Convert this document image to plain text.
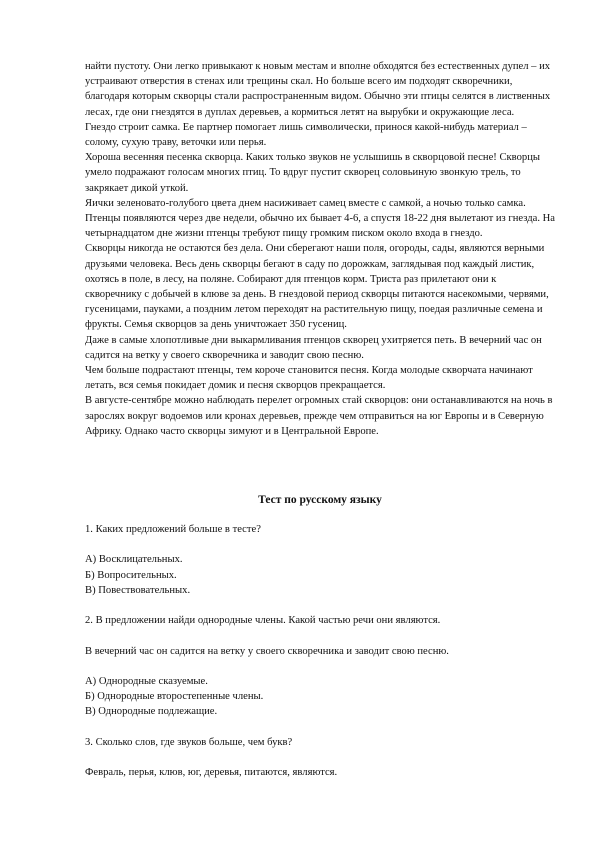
найти пустоту. Они легко привыкают к новым местам и вполне обходятся без естественных дупел – их устраивают отверстия в стенах или трещины скал. Но больше всего им подходят скворечники, благодаря которым скворцы стали распространенным видом. Обычно эти птицы селятся в лиственных лесах, где они гнездятся в дуплах деревьев, а кормиться летят на вырубки и окружающие леса.

Гнездо строит самка. Ее партнер помогает лишь символически, принося какой-нибудь материал – солому, сухую траву, веточки или перья.

Хороша весенняя песенка скворца. Каких только звуков не услышишь в скворцовой песне! Скворцы умело подражают голосам многих птиц. То вдруг пустит скворец соловьиную звонкую трель, то закрякает дикой уткой.

Яички зеленовато-голубого цвета днем насиживает самец вместе с самкой, а ночью только самка. Птенцы появляются через две недели, обычно их бывает 4-6, а спустя 18-22 дня вылетают из гнезда. На четырнадцатом дне жизни птенцы требуют пищу громким писком около входа в гнездо.

Скворцы никогда не остаются без дела. Они сберегают наши поля, огороды, сады, являются верными друзьями человека. Весь день скворцы бегают в саду по дорожкам, заглядывая под каждый листик, охотясь в поле, в лесу, на поляне. Собирают для птенцов корм. Триста раз прилетают они к скворечнику с добычей в клюве за день. В гнездовой период скворцы питаются насекомыми, червями, гусеницами, пауками, а поздним летом переходят на растительную пищу, поедая различные семена и фрукты. Семья скворцов за день уничтожает 350 гусениц.

Даже в самые хлопотливые дни выкармливания птенцов скворец ухитряется петь. В вечерний час он садится на ветку у своего скворечника и заводит свою песню.

Чем больше подрастают птенцы, тем короче становится песня. Когда молодые скворчата начинают летать, вся семья покидает домик и песня скворцов прекращается.

В августе-сентябре можно наблюдать перелет огромных стай скворцов: они останавливаются на ночь в зарослях вокруг водоемов или кронах деревьев, прежде чем отправиться на юг Европы и в Северную Африку. Однако часто скворцы зимуют и в Центральной Европе.

Тест по русскому языку

1. Каких предложений больше в тесте?

А) Восклицательных.

Б) Вопросительных.

В) Повествовательных.

2. В предложении найди однородные члены. Какой частью речи они являются.

В вечерний час он садится на ветку у своего скворечника и заводит свою песню.

А) Однородные сказуемые.

Б) Однородные второстепенные члены.

В) Однородные подлежащие.

3. Сколько слов, где звуков больше, чем букв?

Февраль, перья, клюв, юг, деревья, питаются, являются.
